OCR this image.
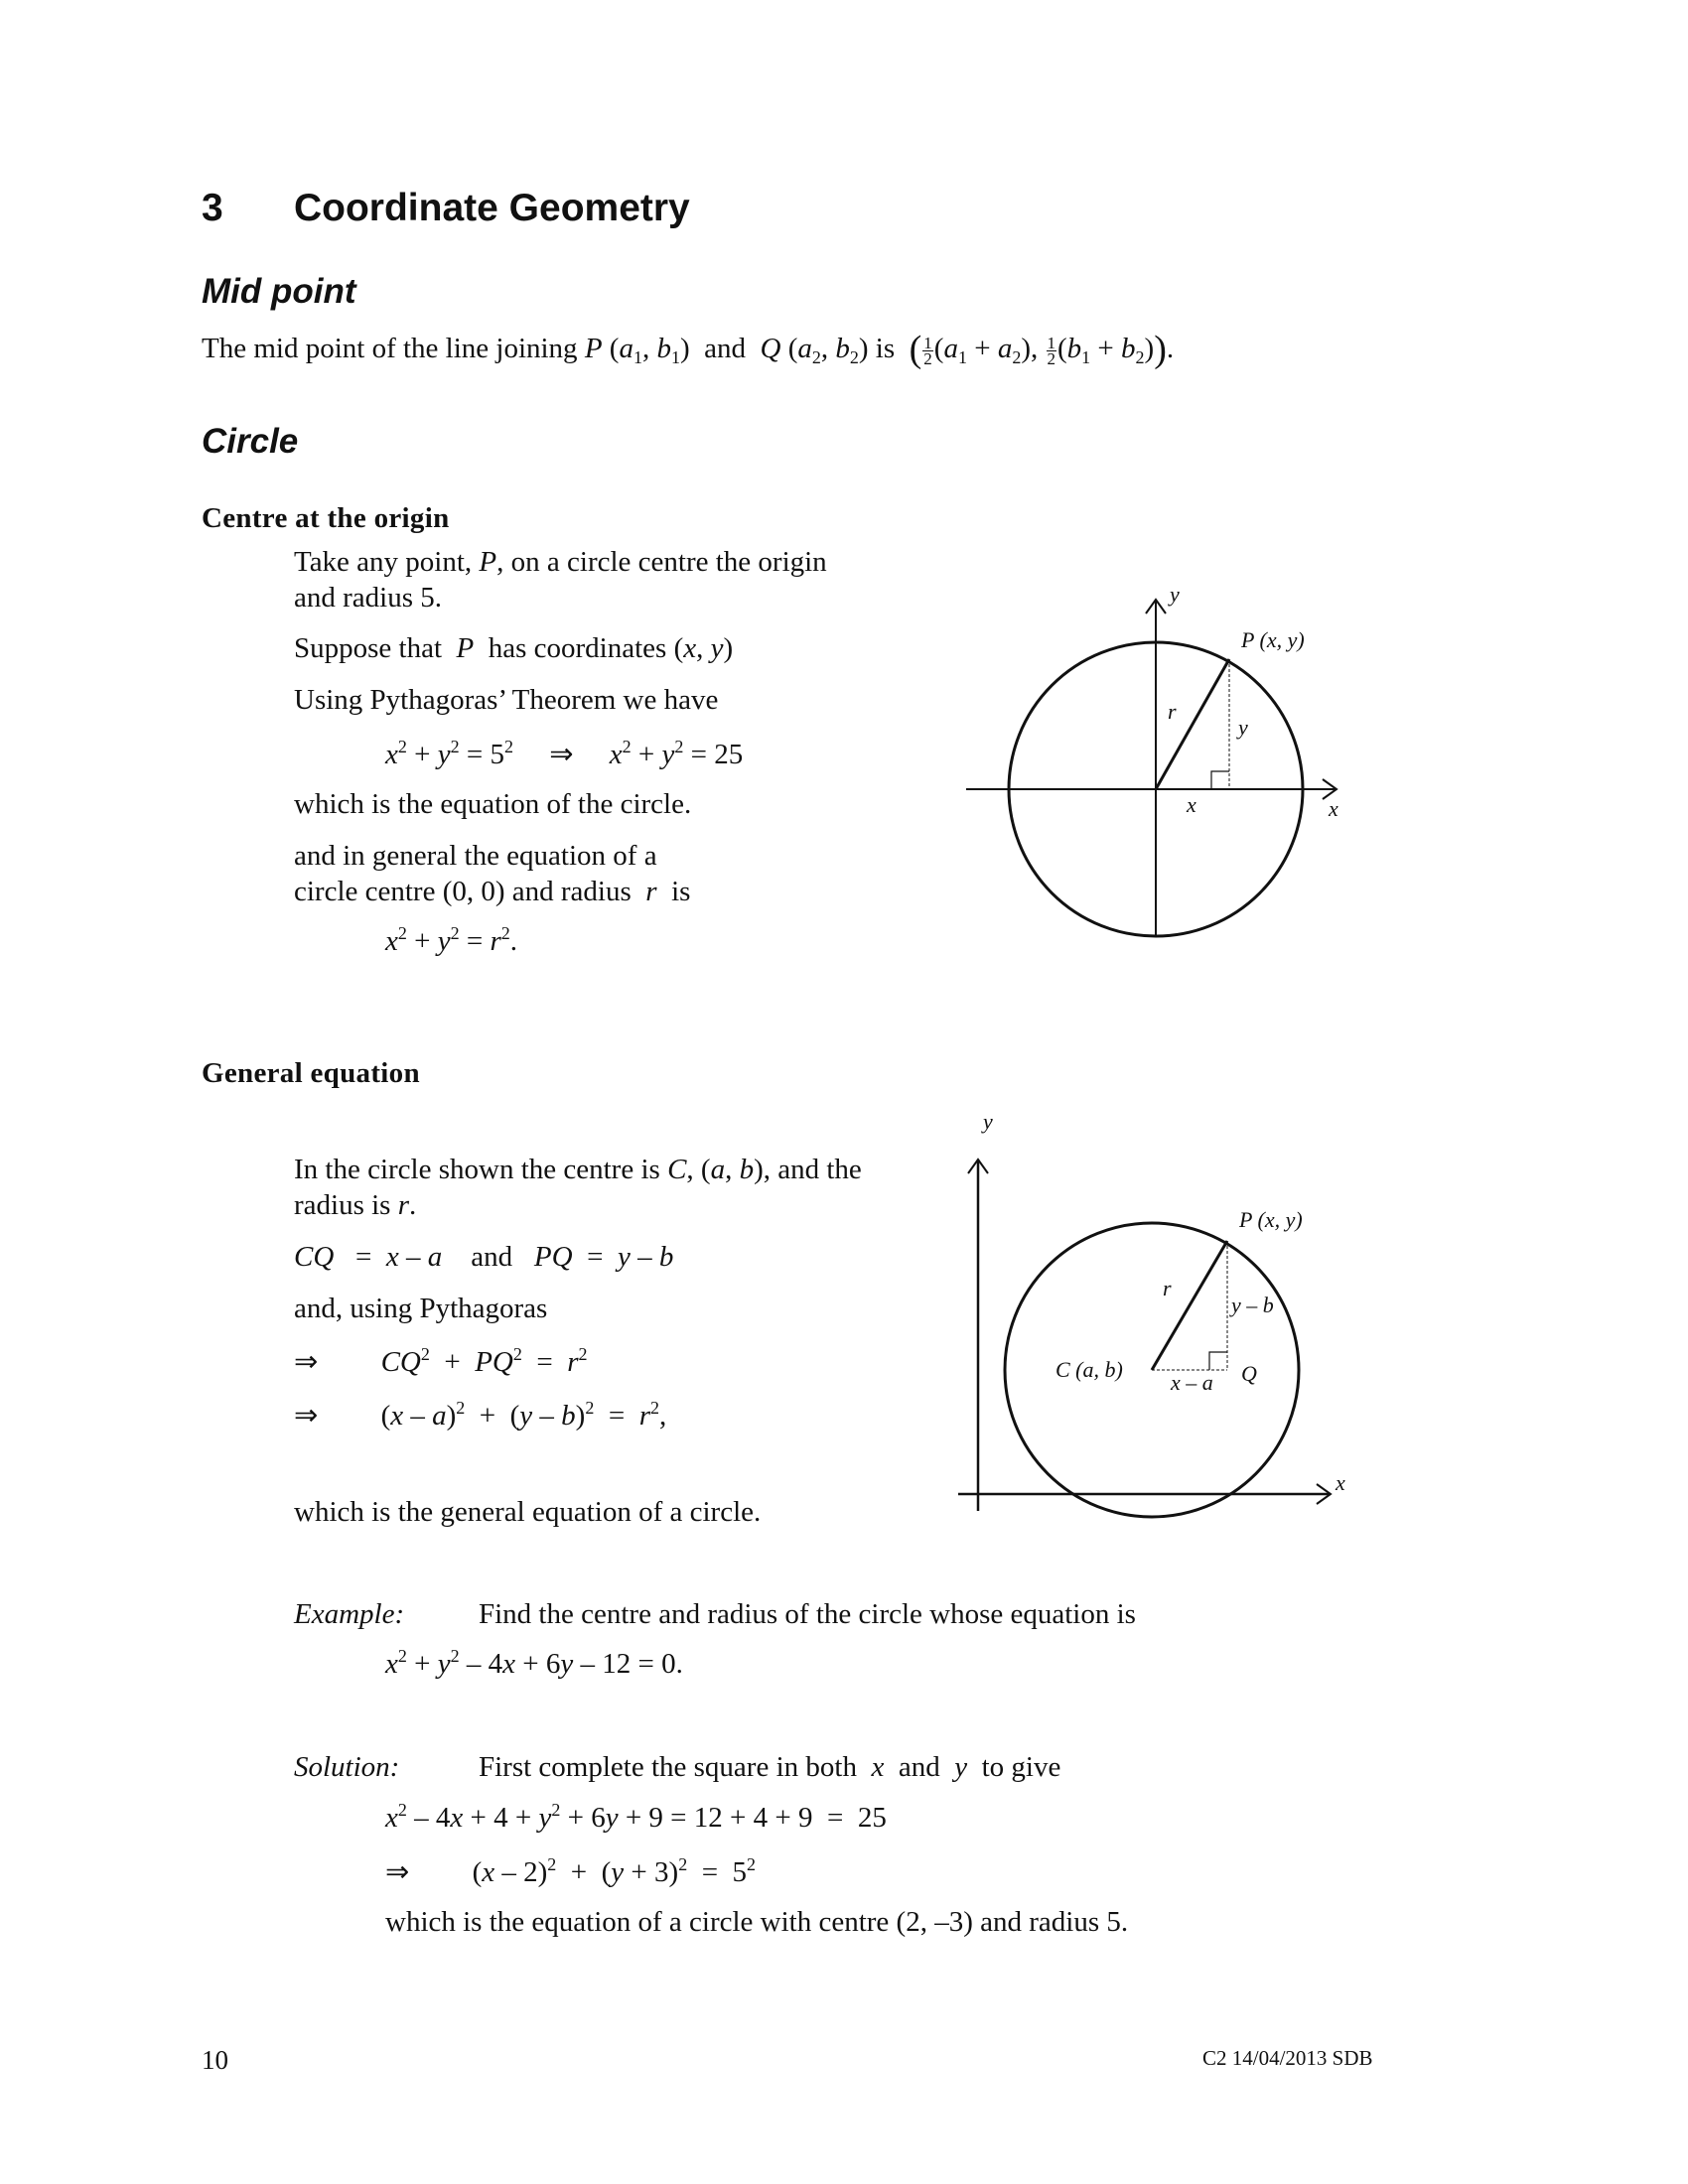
3 Coordinate Geometry
Mid point
The mid point of the line joining P ($a_1$, $b_1$)  and Q ($a_2$, $b_2$) is ( $\frac{1}{2} (a_1 + a_2)$, $\frac{1}{2} (b_1 + b_2)$).
Circle
Centre at the origin
Take any point, P, on a circle centre the origin
and radius 5.
Suppose that P has coordinates (x, y)
Using Pythagoras’ Theorem we have
$x^2 + y^2 = 5^2$     ⇒     $x^2 + y^2 = 25$
which is the equation of the circle.
and in general the equation of a
circle centre (0, 0) and radius r is
$x^2 + y^2 = r^2$.
y
x
P (x, y)
r
y
x
General equation
In the circle shown the centre is C, (a, b), and the
radius is r.
CQ   =  x – a and PQ  =  y – b
and, using Pythagoras
⇒ $CQ^2 + PQ^2 = r^2$
⇒ $(x - a)^2 + (y - b)^2 = r^2$,
which is the general equation of a circle.
y
x
P (x, y)
r
C (a, b)	Q
x – a
y – b
Example:	Find the centre and radius of the circle whose equation is
$x^2 + y^2 - 4x + 6y - 12 = 0$.
Solution:	First complete the square in both x and y to give
$x^2 - 4x + 4 + y^2 + 6y + 9 = 12 + 4 + 9 = 25$
⇒ $(x - 2)^2 + (y + 3)^2 = 5^2$
which is the equation of a circle with centre (2, –3) and radius 5.
10	C2 14/04/2013 SDB
